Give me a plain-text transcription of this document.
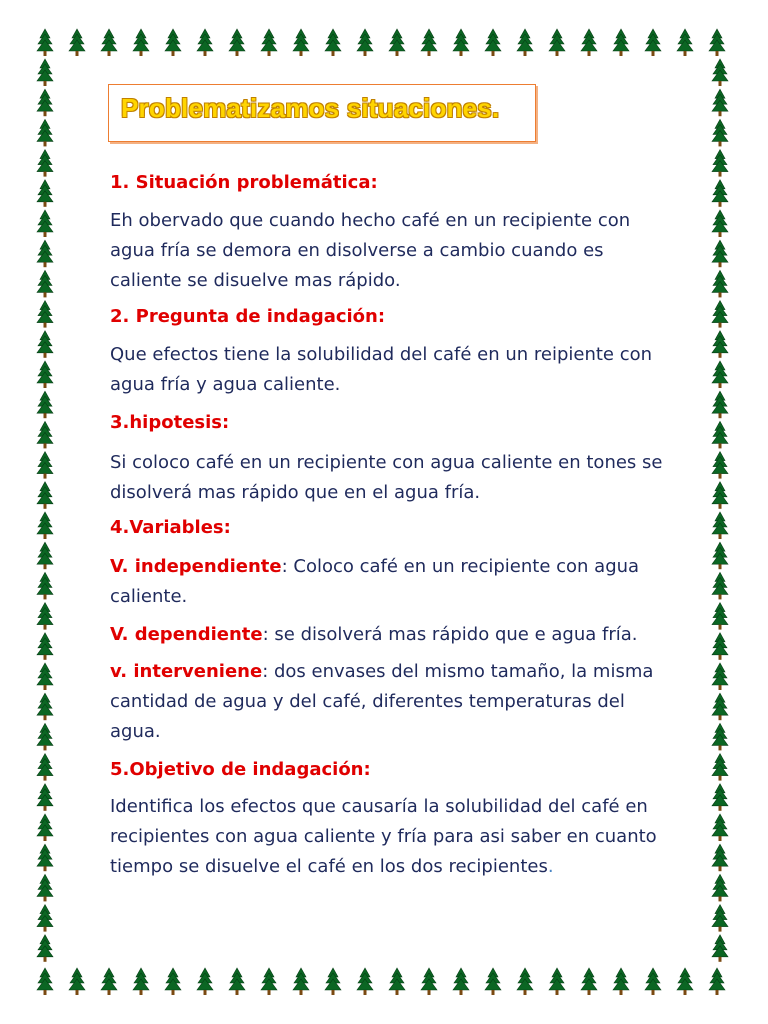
Problematizamos situaciones.
1. Situación problemática:
Eh obervado que cuando hecho café en un recipiente con agua fría se demora en disolverse a cambio cuando es caliente se disuelve mas rápido.
2. Pregunta de indagación:
Que efectos tiene la solubilidad del café en un reipiente con agua fría y agua caliente.
3.hipotesis:
Si coloco café en un recipiente con agua caliente en tones se disolverá mas rápido que en el agua fría.
4.Variables:
V. independiente: Coloco café en un recipiente con agua caliente.
V. dependiente: se disolverá mas rápido que e agua fría.
v. interveniene: dos envases del mismo tamaño, la misma cantidad de agua y del café, diferentes temperaturas del agua.
5.Objetivo de indagación:
Identifica los efectos que causaría la solubilidad del café en recipientes con agua caliente y fría para asi saber en cuanto tiempo se disuelve el café en los dos recipientes.
